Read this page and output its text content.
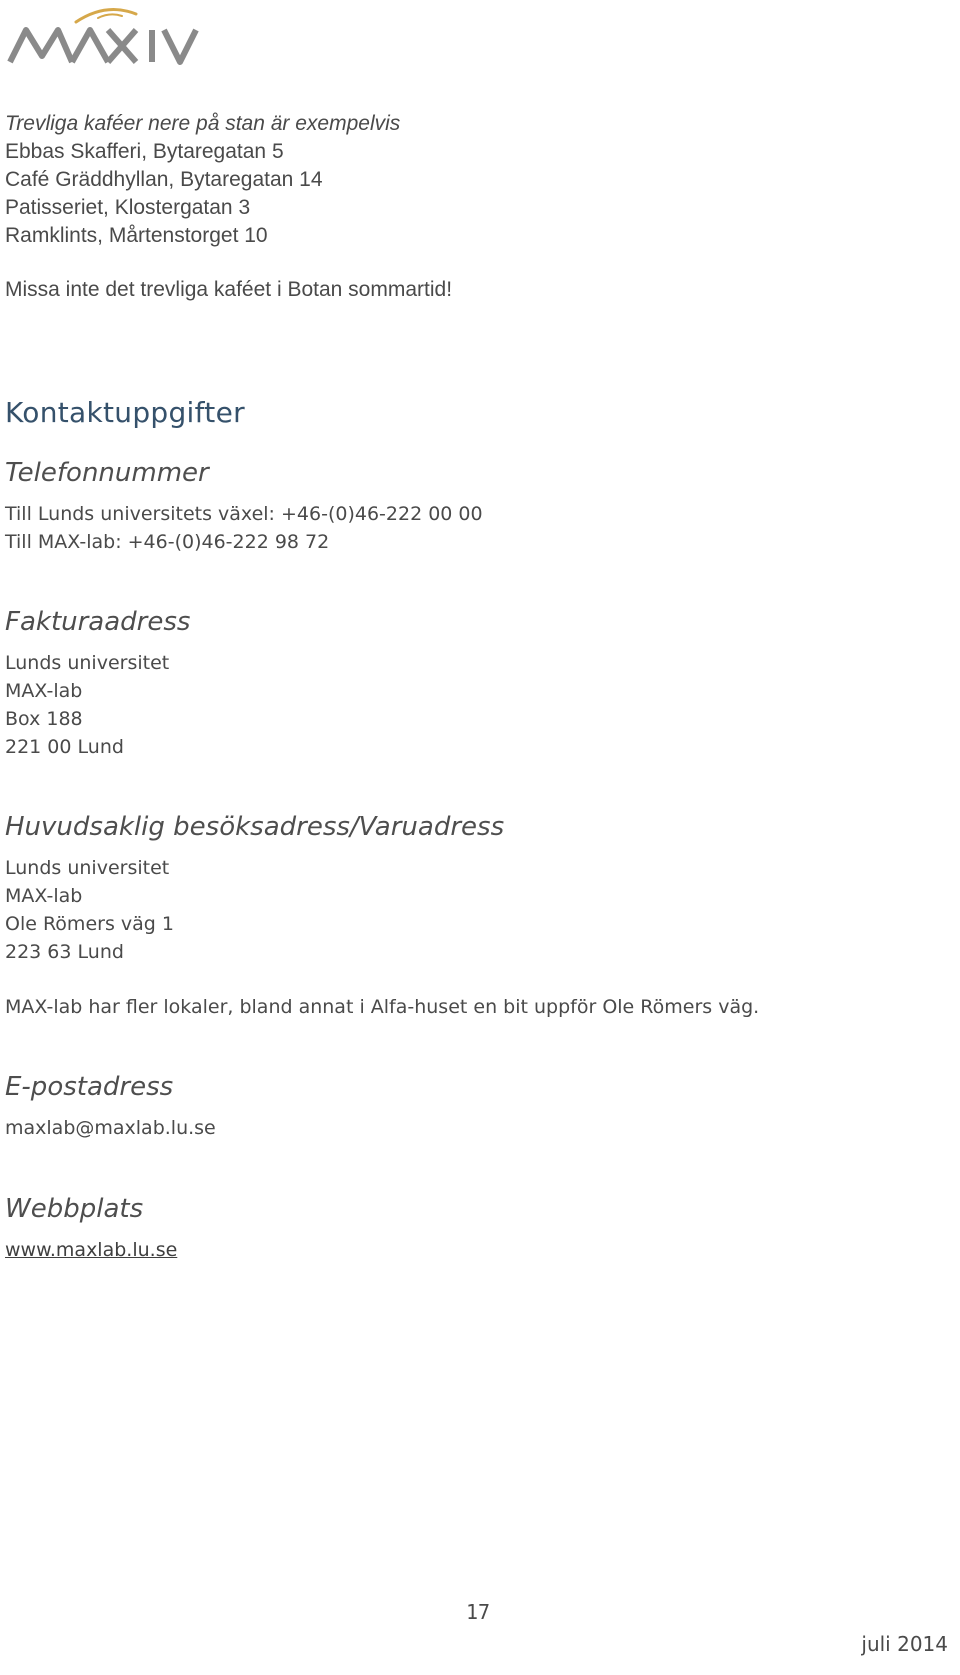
Trevliga kaféer nere på stan är exempelvis
Ebbas Skafferi, Bytaregatan 5
Café Gräddhyllan, Bytaregatan 14
Patisseriet, Klostergatan 3
Ramklints, Mårtenstorget 10
Missa inte det trevliga kaféet i Botan sommartid!
Kontaktuppgifter
Telefonnummer
Till Lunds universitets växel: +46-(0)46-222 00 00
Till MAX-lab: +46-(0)46-222 98 72
Fakturaadress
Lunds universitet
MAX-lab
Box 188
221 00 Lund
Huvudsaklig besöksadress/Varuadress
Lunds universitet
MAX-lab
Ole Römers väg 1
223 63 Lund
MAX-lab har fler lokaler, bland annat i Alfa-huset en bit uppför Ole Römers väg.
E-postadress
maxlab@maxlab.lu.se
Webbplats
www.maxlab.lu.se
17
juli 2014
